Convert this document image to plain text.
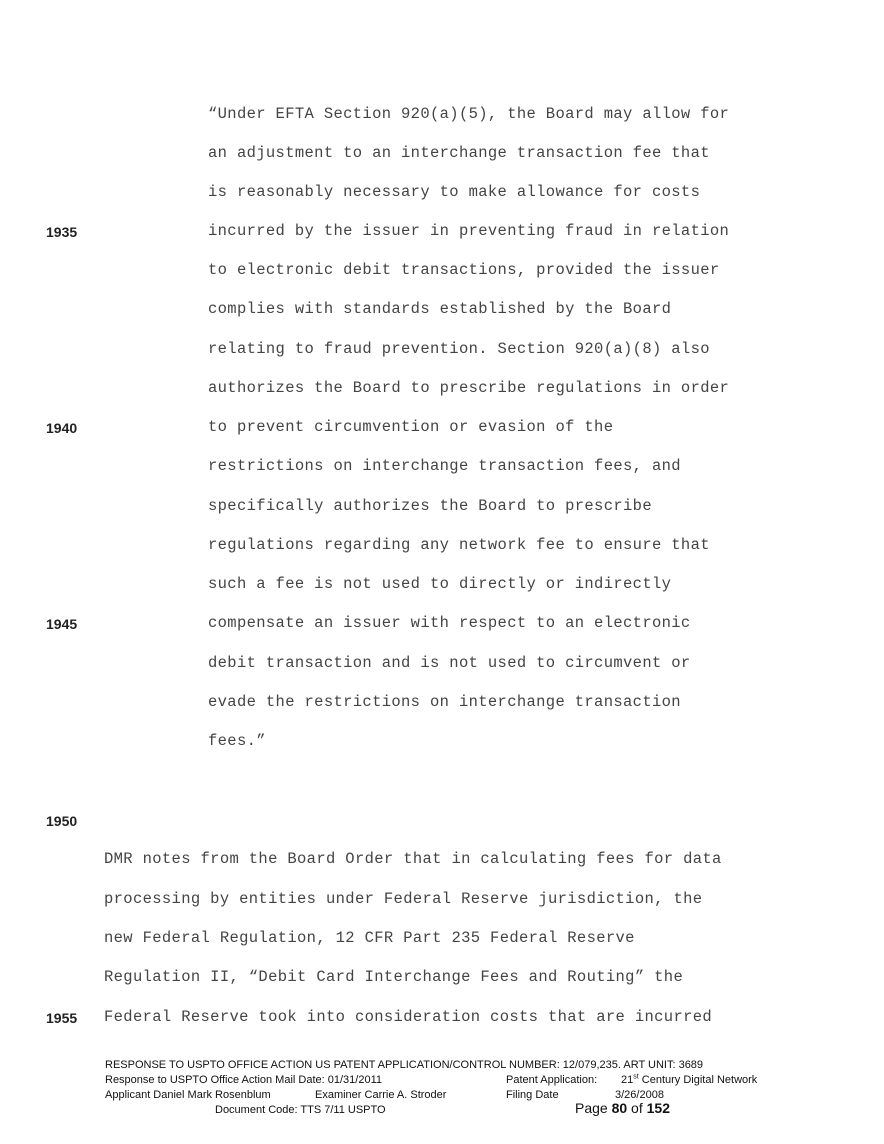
1935
1940
1945
1950
1955
“Under EFTA Section 920(a)(5), the Board may allow for
an adjustment to an interchange transaction fee that
is reasonably necessary to make allowance for costs
incurred by the issuer in preventing fraud in relation
to electronic debit transactions, provided the issuer
complies with standards established by the Board
relating to fraud prevention. Section 920(a)(8) also
authorizes the Board to prescribe regulations in order
to prevent circumvention or evasion of the
restrictions on interchange transaction fees, and
specifically authorizes the Board to prescribe
regulations regarding any network fee to ensure that
such a fee is not used to directly or indirectly
compensate an issuer with respect to an electronic
debit transaction and is not used to circumvent or
evade the restrictions on interchange transaction
fees.”
DMR notes from the Board Order that in calculating fees for data
processing by entities under Federal Reserve jurisdiction, the
new Federal Regulation, 12 CFR Part 235 Federal Reserve
Regulation II, “Debit Card Interchange Fees and Routing” the
Federal Reserve took into consideration costs that are incurred
RESPONSE TO USPTO OFFICE ACTION US PATENT APPLICATION/CONTROL NUMBER: 12/079,235. ART UNIT: 3689
Response to USPTO Office Action Mail Date: 01/31/2011	Patent Application: 21st Century Digital Network
Applicant Daniel Mark Rosenblum	Examiner Carrie A. Stroder	Filing Date	3/26/2008
Document Code: TTS 7/11 USPTO	Page 80 of 152
